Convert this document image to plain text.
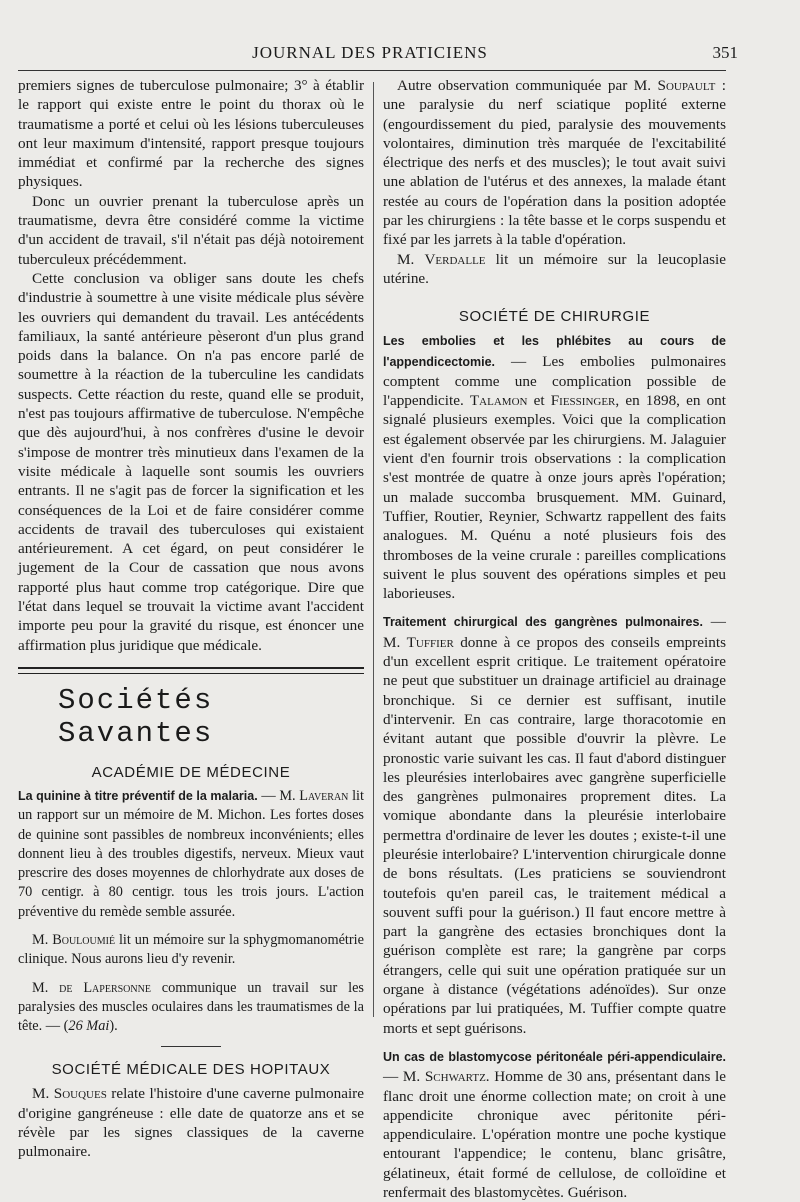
JOURNAL DES PRATICIENS	351

premiers signes de tuberculose pulmonaire; 3° à établir le rapport qui existe entre le point du thorax où le traumatisme a porté et celui où les lésions tuberculeuses ont leur maximum d'intensité, rapport presque toujours immédiat et confirmé par la recherche des signes physiques.

Donc un ouvrier prenant la tuberculose après un traumatisme, devra être considéré comme la victime d'un accident de travail, s'il n'était pas déjà notoirement tuberculeux précédemment.

Cette conclusion va obliger sans doute les chefs d'industrie à soumettre à une visite médicale plus sévère les ouvriers qui demandent du travail. Les antécédents familiaux, la santé antérieure pèseront d'un plus grand poids dans la balance. On n'a pas encore parlé de soumettre à la réaction de la tuberculine les candidats suspects. Cette réaction du reste, quand elle se produit, n'est pas toujours affirmative de tuberculose. N'empêche que dès aujourd'hui, à nos confrères d'usine le devoir s'impose de montrer très minutieux dans l'examen de la visite médicale à laquelle sont soumis les ouvriers entrants. Il ne s'agit pas de forcer la signification et les conséquences de la Loi et de faire considérer comme accidents de travail des tuberculoses qui existaient antérieurement. A cet égard, on peut considérer le jugement de la Cour de cassation que nous avons rapporté plus haut comme trop catégorique. Dire que l'état dans lequel se trouvait la victime avant l'accident importe peu pour la gravité du risque, est énoncer une affirmation plus juridique que médicale.

Sociétés Savantes
ACADÉMIE DE MÉDECINE

La quinine à titre préventif de la malaria. — M. Laveran lit un rapport sur un mémoire de M. Michon. Les fortes doses de quinine sont passibles de nombreux inconvénients; elles donnent lieu à des troubles digestifs, nerveux. Mieux vaut prescrire des doses moyennes de chlorhydrate aux doses de 70 centigr. à 80 centigr. tous les trois jours. L'action préventive du remède semble assurée.

M. Bouloumié lit un mémoire sur la sphygmomanométrie clinique. Nous aurons lieu d'y revenir.

M. de Lapersonne communique un travail sur les paralysies des muscles oculaires dans les traumatismes de la tête. — (26 Mai).

SOCIÉTÉ MÉDICALE DES HOPITAUX

M. Souques relate l'histoire d'une caverne pulmonaire d'origine gangréneuse : elle date de quatorze ans et se révèle par les signes classiques de la caverne pulmonaire.

Autre observation communiquée par M. Soupault : une paralysie du nerf sciatique poplité externe (engourdissement du pied, paralysie des mouvements volontaires, diminution très marquée de l'excitabilité électrique des nerfs et des muscles); le tout avait suivi une ablation de l'utérus et des annexes, la malade étant restée au cours de l'opération dans la position adoptée par les chirurgiens : la tête basse et le corps suspendu et fixé par les jarrets à la table d'opération.

M. Verdalle lit un mémoire sur la leucoplasie utérine.

SOCIÉTÉ DE CHIRURGIE

Les embolies et les phlébites au cours de l'appendicectomie. — Les embolies pulmonaires comptent comme une complication possible de l'appendicite. Talamon et Fiessinger, en 1898, en ont signalé plusieurs exemples. Voici que la complication est également observée par les chirurgiens. M. Jalaguier vient d'en fournir trois observations : la complication s'est montrée de quatre à onze jours après l'opération; un malade succomba brusquement. MM. Guinard, Tuffier, Routier, Reynier, Schwartz rappellent des faits analogues. M. Quénu a noté plusieurs fois des thromboses de la veine crurale : pareilles complications suivent le plus souvent des opérations simples et peu laborieuses.

Traitement chirurgical des gangrènes pulmonaires. — M. Tuffier donne à ce propos des conseils empreints d'un excellent esprit critique. Le traitement opératoire ne peut que substituer un drainage artificiel au drainage bronchique. Si ce dernier est suffisant, inutile d'intervenir. En cas contraire, large thoracotomie en évitant autant que possible d'ouvrir la plèvre. Le pronostic varie suivant les cas. Il faut d'abord distinguer les pleurésies interlobaires avec gangrène superficielle des gangrènes pulmonaires proprement dites. La vomique abondante dans la pleurésie interlobaire permettra d'ordinaire de lever les doutes ; existe-t-il une pleurésie interlobaire? L'intervention chirurgicale donne de bons résultats. (Les praticiens se souviendront toutefois qu'en pareil cas, le traitement médical a souvent suffi pour la guérison.) Il faut encore mettre à part la gangrène des ectasies bronchiques dont la guérison complète est rare; la gangrène par corps étrangers, celle qui suit une opération pratiquée sur un organe à distance (végétations adénoïdes). Sur onze opérations par lui pratiquées, M. Tuffier compte quatre morts et sept guérisons.

Un cas de blastomycose péritonéale péri-appendiculaire. — M. Schwartz. Homme de 30 ans, présentant dans le flanc droit une énorme collection mate; on croit à une appendicite chronique avec péritonite péri-appendiculaire. L'opération montre une poche kystique entourant l'appendice; le contenu, blanc grisâtre, gélatineux, était formé de cellulose, de colloïdine et renfermait des blastomycètes. Guérison.
